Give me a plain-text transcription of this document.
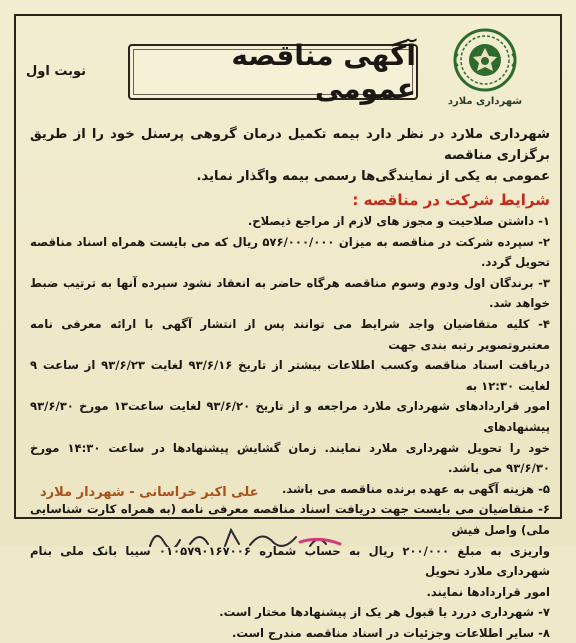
شهرداری ملارد
آگهی مناقصه عمومی
نوبت اول

شهرداری ملارد در نظر دارد بیمه تکمیل درمان گروهی پرسنل خود را از طریق برگزاری مناقصه

عمومی به یکی از نمایندگی‌ها رسمی بیمه واگذار نماید.

شرایط شرکت در مناقصه :

۱- داشتن صلاحیت و مجوز های لازم از مراجع ذیصلاح.

۲- سپرده شرکت در مناقصه به میزان ۵۷۶/۰۰۰/۰۰۰ ریال که می بایست همراه اسناد مناقصه تحویل گردد.

۳- برندگان اول ودوم وسوم مناقصه هرگاه حاضر به انعقاد نشود سپرده آنها به ترتیب ضبط خواهد شد.

۴- کلیه متقاضیان واجد شرایط می توانند پس از انتشار آگهی با ارائه معرفی نامه معتبروتصویر رتبه بندی جهت

دریافت اسناد مناقصه وکسب اطلاعات بیشتر از تاریخ ۹۳/۶/۱۶ لغایت ۹۳/۶/۲۳ از ساعت ۹ لغایت ۱۲:۳۰ به

امور قراردادهای شهرداری ملارد مراجعه و از تاریخ ۹۳/۶/۲۰ لغایت ساعت۱۳ مورخ ۹۳/۶/۳۰ پیشنهادهای

خود را تحویل شهرداری ملارد نمایند. زمان گشایش پیشنهادها در ساعت ۱۴:۳۰ مورخ ۹۳/۶/۳۰ می باشد.

۵- هزینه آگهی به عهده برنده مناقصه می باشد.

۶- متقاضیان می بایست جهت دریافت اسناد مناقصه معرفی نامه (به همراه کارت شناسایی ملی) واصل فیش

واریزی به مبلغ ۲۰۰/۰۰۰ ریال به حساب شماره ۰۱۰۵۷۹۰۱۶۷۰۰۶ سیبا بانک ملی بنام شهرداری ملارد تحویل

امور قراردادها نمایند.

۷- شهرداری دررد یا قبول هر یک از پیشنهادها مختار است.

۸- سایر اطلاعات وجزئیات در اسناد مناقصه مندرج است.

علی اکبر خراسانی - شهردار ملارد
